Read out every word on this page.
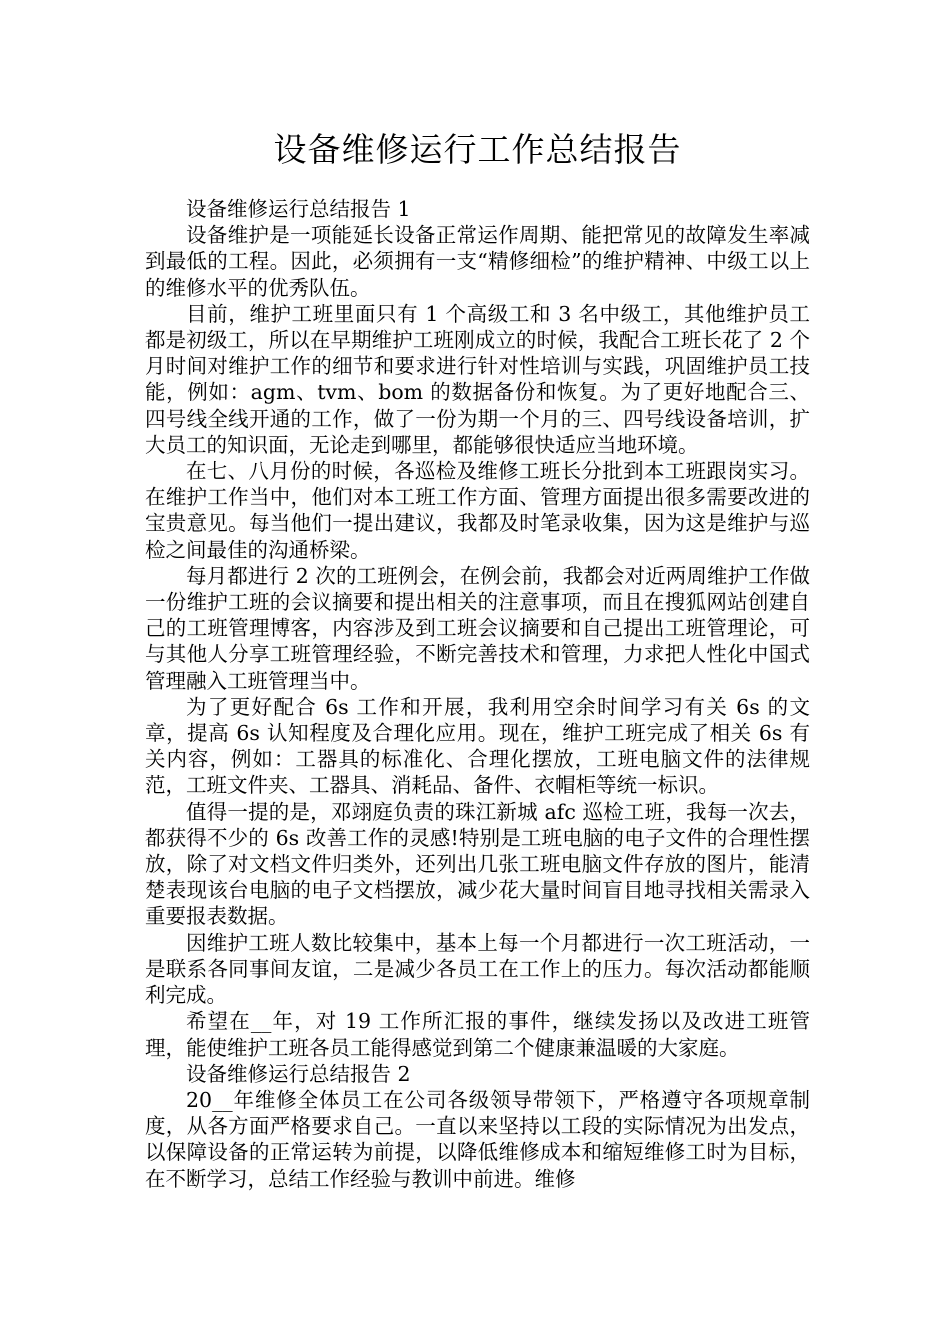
设备维修运行工作总结报告

设备维修运行总结报告 1

设备维护是一项能延长设备正常运作周期、能把常见的故障发生率减到最低的工程。因此，必须拥有一支“精修细检”的维护精神、中级工以上的维修水平的优秀队伍。

目前，维护工班里面只有 1 个高级工和 3 名中级工，其他维护员工都是初级工，所以在早期维护工班刚成立的时候，我配合工班长花了 2 个月时间对维护工作的细节和要求进行针对性培训与实践，巩固维护员工技能，例如：agm、tvm、bom 的数据备份和恢复。为了更好地配合三、四号线全线开通的工作，做了一份为期一个月的三、四号线设备培训，扩大员工的知识面，无论走到哪里，都能够很快适应当地环境。

在七、八月份的时候，各巡检及维修工班长分批到本工班跟岗实习。在维护工作当中，他们对本工班工作方面、管理方面提出很多需要改进的宝贵意见。每当他们一提出建议，我都及时笔录收集，因为这是维护与巡检之间最佳的沟通桥梁。

每月都进行 2 次的工班例会，在例会前，我都会对近两周维护工作做一份维护工班的会议摘要和提出相关的注意事项，而且在搜狐网站创建自己的工班管理博客，内容涉及到工班会议摘要和自己提出工班管理论，可与其他人分享工班管理经验，不断完善技术和管理，力求把人性化中国式管理融入工班管理当中。

为了更好配合 6s 工作和开展，我利用空余时间学习有关 6s 的文章，提高 6s 认知程度及合理化应用。现在，维护工班完成了相关 6s 有关内容，例如：工器具的标准化、合理化摆放，工班电脑文件的法律规范，工班文件夹、工器具、消耗品、备件、衣帽柜等统一标识。

值得一提的是，邓翊庭负责的珠江新城 afc 巡检工班，我每一次去，都获得不少的 6s 改善工作的灵感!特别是工班电脑的电子文件的合理性摆放，除了对文档文件归类外，还列出几张工班电脑文件存放的图片，能清楚表现该台电脑的电子文档摆放，减少花大量时间盲目地寻找相关需录入重要报表数据。

因维护工班人数比较集中，基本上每一个月都进行一次工班活动，一是联系各同事间友谊，二是减少各员工在工作上的压力。每次活动都能顺利完成。

希望在__年，对 19 工作所汇报的事件，继续发扬以及改进工班管理，能使维护工班各员工能得感觉到第二个健康兼温暖的大家庭。

设备维修运行总结报告 2

20__年维修全体员工在公司各级领导带领下，严格遵守各项规章制度，从各方面严格要求自己。一直以来坚持以工段的实际情况为出发点，以保障设备的正常运转为前提，以降低维修成本和缩短维修工时为目标，在不断学习，总结工作经验与教训中前进。维修
